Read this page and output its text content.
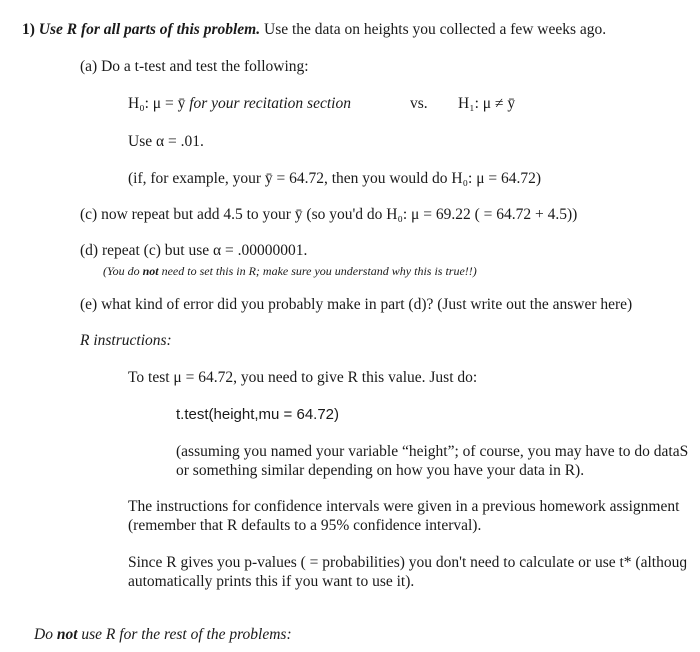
1) Use R for all parts of this problem. Use the data on heights you collected a few weeks ago.
(a) Do a t-test and test the following:
H₀: μ = ȳ for your recitation section	vs. H₁: μ ≠ ȳ
Use α = .01.
(if, for example, your ȳ = 64.72, then you would do H₀: μ = 64.72)
(c) now repeat but add 4.5 to your ȳ (so you'd do H₀: μ = 69.22 ( = 64.72 + 4.5))
(d) repeat (c) but use α = .00000001.
(You do not need to set this in R; make sure you understand why this is true!!)
(e) what kind of error did you probably make in part (d)? (Just write out the answer here)
R instructions:
To test μ = 64.72, you need to give R this value. Just do:
t.test(height,mu = 64.72)
(assuming you named your variable “height”; of course, you may have to do dataS
or something similar depending on how you have your data in R).
The instructions for confidence intervals were given in a previous homework assignment
(remember that R defaults to a 95% confidence interval).
Since R gives you p-values ( = probabilities) you don't need to calculate or use t* (althouɡ
automatically prints this if you want to use it).
Do not use R for the rest of the problems:
